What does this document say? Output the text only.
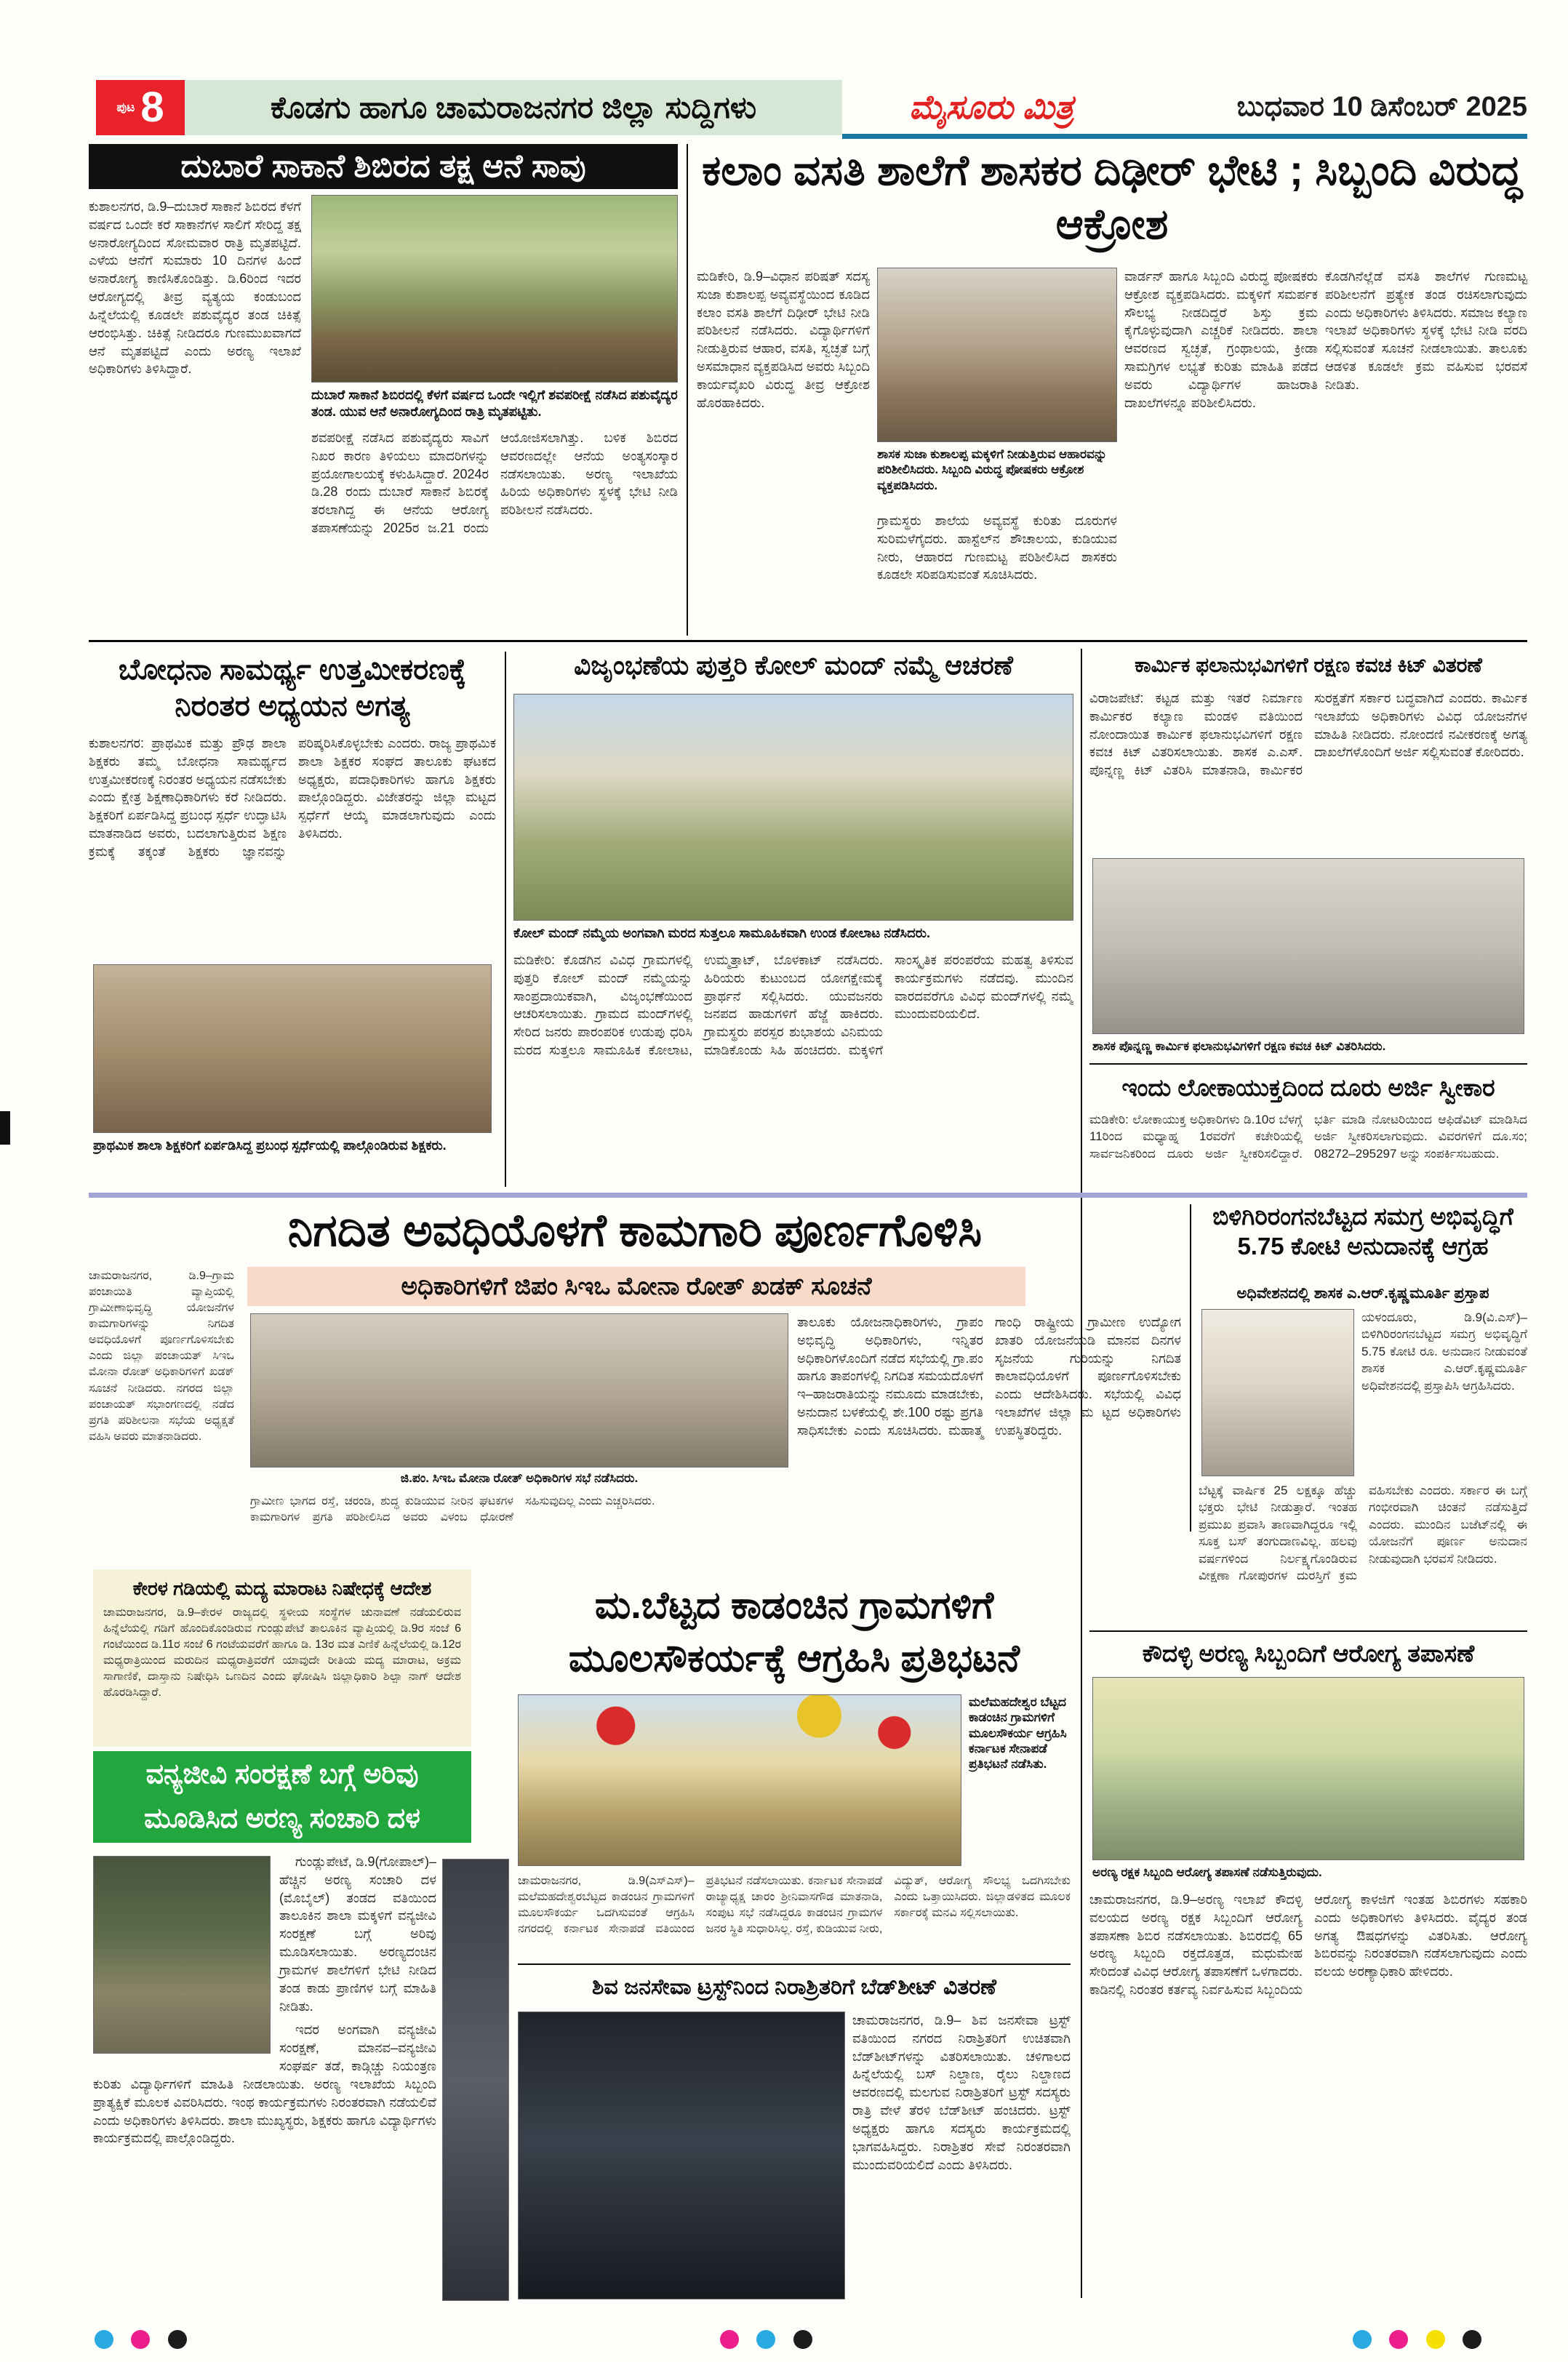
ಪುಟ 8	ಕೊಡಗು ಹಾಗೂ ಚಾಮರಾಜನಗರ ಜಿಲ್ಲಾ ಸುದ್ದಿಗಳು	ಮೈಸೂರು ಮಿತ್ರ	ಬುಧವಾರ 10 ಡಿಸೆಂಬರ್ 2025
ದುಬಾರೆ ಸಾಕಾನೆ ಶಿಬಿರದ ತಕ್ಷ ಆನೆ ಸಾವು
ಕುಶಾಲನಗರ, ಡಿ.9–ದುಬಾರೆ ಸಾಕಾನೆ ಶಿಬಿರದ ಕೆಳಗೆ ವರ್ಷದ ಒಂದೇ ಕರೆ ಸಾಕಾನೆಗಳ ಸಾಲಿಗೆ ಸೇರಿದ್ದ ತಕ್ಷ ಅನಾರೋಗ್ಯದಿಂದ ಸೋಮವಾರ ರಾತ್ರಿ ಮೃತಪಟ್ಟಿದೆ. ಎಳೆಯ ಆನೆಗೆ ಸುಮಾರು 10 ದಿನಗಳ ಹಿಂದೆ ಅನಾರೋಗ್ಯ ಕಾಣಿಸಿಕೊಂಡಿತ್ತು. ಡಿ.6ರಿಂದ ಇದರ ಆರೋಗ್ಯದಲ್ಲಿ ತೀವ್ರ ವ್ಯತ್ಯಯ ಕಂಡುಬಂದ ಹಿನ್ನೆಲೆಯಲ್ಲಿ ಕೂಡಲೇ ಪಶುವೈದ್ಯರ ತಂಡ ಚಿಕಿತ್ಸೆ ಆರಂಭಿಸಿತ್ತು. ಚಿಕಿತ್ಸೆ ನೀಡಿದರೂ ಗುಣಮುಖವಾಗದೆ ಆನೆ ಮೃತಪಟ್ಟಿದೆ ಎಂದು ಅರಣ್ಯ ಇಲಾಖೆ ಅಧಿಕಾರಿಗಳು ತಿಳಿಸಿದ್ದಾರೆ.
ದುಬಾರೆ ಸಾಕಾನೆ ಶಿಬಿರದಲ್ಲಿ ಕೆಳಗೆ ವರ್ಷದ ಒಂದೇ ಇಲ್ಲಿಗೆ ಶವಪರೀಕ್ಷೆ ನಡೆಸಿದ ಪಶುವೈದ್ಯರ ತಂಡ. ಯುವ ಆನೆ ಅನಾರೋಗ್ಯದಿಂದ ರಾತ್ರಿ ಮೃತಪಟ್ಟಿತು.
ಶವಪರೀಕ್ಷೆ ನಡೆಸಿದ ಪಶುವೈದ್ಯರು ಸಾವಿಗೆ ನಿಖರ ಕಾರಣ ತಿಳಿಯಲು ಮಾದರಿಗಳನ್ನು ಪ್ರಯೋಗಾಲಯಕ್ಕೆ ಕಳುಹಿಸಿದ್ದಾರೆ. 2024ರ ಡಿ.28 ರಂದು ದುಬಾರೆ ಸಾಕಾನೆ ಶಿಬಿರಕ್ಕೆ ತರಲಾಗಿದ್ದ ಈ ಆನೆಯ ಆರೋಗ್ಯ ತಪಾಸಣೆಯನ್ನು 2025ರ ಜ.21 ರಂದು ಆಯೋಜಿಸಲಾಗಿತ್ತು. ಬಳಿಕ ಶಿಬಿರದ ಆವರಣದಲ್ಲೇ ಆನೆಯ ಅಂತ್ಯಸಂಸ್ಕಾರ ನಡೆಸಲಾಯಿತು. ಅರಣ್ಯ ಇಲಾಖೆಯ ಹಿರಿಯ ಅಧಿಕಾರಿಗಳು ಸ್ಥಳಕ್ಕೆ ಭೇಟಿ ನೀಡಿ ಪರಿಶೀಲನೆ ನಡೆಸಿದರು.
ಕಲಾಂ ವಸತಿ ಶಾಲೆಗೆ ಶಾಸಕರ ದಿಢೀರ್ ಭೇಟಿ ; ಸಿಬ್ಬಂದಿ ವಿರುದ್ಧ ಆಕ್ರೋಶ
ಮಡಿಕೇರಿ, ಡಿ.9–ವಿಧಾನ ಪರಿಷತ್ ಸದಸ್ಯ ಸುಜಾ ಕುಶಾಲಪ್ಪ ಅವ್ಯವಸ್ಥೆಯಿಂದ ಕೂಡಿದ ಕಲಾಂ ವಸತಿ ಶಾಲೆಗೆ ದಿಢೀರ್ ಭೇಟಿ ನೀಡಿ ಪರಿಶೀಲನೆ ನಡೆಸಿದರು. ವಿದ್ಯಾರ್ಥಿಗಳಿಗೆ ನೀಡುತ್ತಿರುವ ಆಹಾರ, ವಸತಿ, ಸ್ವಚ್ಛತೆ ಬಗ್ಗೆ ಅಸಮಾಧಾನ ವ್ಯಕ್ತಪಡಿಸಿದ ಅವರು ಸಿಬ್ಬಂದಿ ಕಾರ್ಯವೈಖರಿ ವಿರುದ್ಧ ತೀವ್ರ ಆಕ್ರೋಶ ಹೊರಹಾಕಿದರು.
ಶಾಸಕ ಸುಜಾ ಕುಶಾಲಪ್ಪ ಮಕ್ಕಳಿಗೆ ನೀಡುತ್ತಿರುವ ಆಹಾರವನ್ನು ಪರಿಶೀಲಿಸಿದರು. ಸಿಬ್ಬಂದಿ ವಿರುದ್ಧ ಪೋಷಕರು ಆಕ್ರೋಶ ವ್ಯಕ್ತಪಡಿಸಿದರು.
ಗ್ರಾಮಸ್ಥರು ಶಾಲೆಯ ಅವ್ಯವಸ್ಥೆ ಕುರಿತು ದೂರುಗಳ ಸುರಿಮಳೆಗೈದರು. ಹಾಸ್ಟೆಲ್‌ನ ಶೌಚಾಲಯ, ಕುಡಿಯುವ ನೀರು, ಆಹಾರದ ಗುಣಮಟ್ಟ ಪರಿಶೀಲಿಸಿದ ಶಾಸಕರು ಕೂಡಲೇ ಸರಿಪಡಿಸುವಂತೆ ಸೂಚಿಸಿದರು.
ವಾರ್ಡನ್ ಹಾಗೂ ಸಿಬ್ಬಂದಿ ವಿರುದ್ಧ ಪೋಷಕರು ಆಕ್ರೋಶ ವ್ಯಕ್ತಪಡಿಸಿದರು. ಮಕ್ಕಳಿಗೆ ಸಮರ್ಪಕ ಸೌಲಭ್ಯ ನೀಡದಿದ್ದರೆ ಶಿಸ್ತು ಕ್ರಮ ಕೈಗೊಳ್ಳುವುದಾಗಿ ಎಚ್ಚರಿಕೆ ನೀಡಿದರು. ಶಾಲಾ ಆವರಣದ ಸ್ವಚ್ಛತೆ, ಗ್ರಂಥಾಲಯ, ಕ್ರೀಡಾ ಸಾಮಗ್ರಿಗಳ ಲಭ್ಯತೆ ಕುರಿತು ಮಾಹಿತಿ ಪಡೆದ ಅವರು ವಿದ್ಯಾರ್ಥಿಗಳ ಹಾಜರಾತಿ ದಾಖಲೆಗಳನ್ನೂ ಪರಿಶೀಲಿಸಿದರು.
ಕೊಡಗಿನೆಲ್ಲೆಡೆ ವಸತಿ ಶಾಲೆಗಳ ಗುಣಮಟ್ಟ ಪರಿಶೀಲನೆಗೆ ಪ್ರತ್ಯೇಕ ತಂಡ ರಚಿಸಲಾಗುವುದು ಎಂದು ಅಧಿಕಾರಿಗಳು ತಿಳಿಸಿದರು. ಸಮಾಜ ಕಲ್ಯಾಣ ಇಲಾಖೆ ಅಧಿಕಾರಿಗಳು ಸ್ಥಳಕ್ಕೆ ಭೇಟಿ ನೀಡಿ ವರದಿ ಸಲ್ಲಿಸುವಂತೆ ಸೂಚನೆ ನೀಡಲಾಯಿತು. ತಾಲೂಕು ಆಡಳಿತ ಕೂಡಲೇ ಕ್ರಮ ವಹಿಸುವ ಭರವಸೆ ನೀಡಿತು.
ಬೋಧನಾ ಸಾಮರ್ಥ್ಯ ಉತ್ತಮೀಕರಣಕ್ಕೆ ನಿರಂತರ ಅಧ್ಯಯನ ಅಗತ್ಯ
ಕುಶಾಲನಗರ: ಪ್ರಾಥಮಿಕ ಮತ್ತು ಪ್ರೌಢ ಶಾಲಾ ಶಿಕ್ಷಕರು ತಮ್ಮ ಬೋಧನಾ ಸಾಮರ್ಥ್ಯದ ಉತ್ತಮೀಕರಣಕ್ಕೆ ನಿರಂತರ ಅಧ್ಯಯನ ನಡೆಸಬೇಕು ಎಂದು ಕ್ಷೇತ್ರ ಶಿಕ್ಷಣಾಧಿಕಾರಿಗಳು ಕರೆ ನೀಡಿದರು. ಶಿಕ್ಷಕರಿಗೆ ಏರ್ಪಡಿಸಿದ್ದ ಪ್ರಬಂಧ ಸ್ಪರ್ಧೆ ಉದ್ಘಾಟಿಸಿ ಮಾತನಾಡಿದ ಅವರು, ಬದಲಾಗುತ್ತಿರುವ ಶಿಕ್ಷಣ ಕ್ರಮಕ್ಕೆ ತಕ್ಕಂತೆ ಶಿಕ್ಷಕರು ಜ್ಞಾನವನ್ನು ಪರಿಷ್ಕರಿಸಿಕೊಳ್ಳಬೇಕು ಎಂದರು. ರಾಜ್ಯ ಪ್ರಾಥಮಿಕ ಶಾಲಾ ಶಿಕ್ಷಕರ ಸಂಘದ ತಾಲೂಕು ಘಟಕದ ಅಧ್ಯಕ್ಷರು, ಪದಾಧಿಕಾರಿಗಳು ಹಾಗೂ ಶಿಕ್ಷಕರು ಪಾಲ್ಗೊಂಡಿದ್ದರು. ವಿಜೇತರನ್ನು ಜಿಲ್ಲಾ ಮಟ್ಟದ ಸ್ಪರ್ಧೆಗೆ ಆಯ್ಕೆ ಮಾಡಲಾಗುವುದು ಎಂದು ತಿಳಿಸಿದರು.
ಪ್ರಾಥಮಿಕ ಶಾಲಾ ಶಿಕ್ಷಕರಿಗೆ ಏರ್ಪಡಿಸಿದ್ದ ಪ್ರಬಂಧ ಸ್ಪರ್ಧೆಯಲ್ಲಿ ಪಾಲ್ಗೊಂಡಿರುವ ಶಿಕ್ಷಕರು.
ವಿಜೃಂಭಣೆಯ ಪುತ್ತರಿ ಕೋಲ್ ಮಂದ್ ನಮ್ಮೆ ಆಚರಣೆ
ಕೋಲ್ ಮಂದ್ ನಮ್ಮೆಯ ಅಂಗವಾಗಿ ಮರದ ಸುತ್ತಲೂ ಸಾಮೂಹಿಕವಾಗಿ ಉಂಡ ಕೋಲಾಟ ನಡೆಸಿದರು.
ಮಡಿಕೇರಿ: ಕೊಡಗಿನ ವಿವಿಧ ಗ್ರಾಮಗಳಲ್ಲಿ ಪುತ್ತರಿ ಕೋಲ್ ಮಂದ್ ನಮ್ಮೆಯನ್ನು ಸಾಂಪ್ರದಾಯಿಕವಾಗಿ, ವಿಜೃಂಭಣೆಯಿಂದ ಆಚರಿಸಲಾಯಿತು. ಗ್ರಾಮದ ಮಂದ್‌ಗಳಲ್ಲಿ ಸೇರಿದ ಜನರು ಪಾರಂಪರಿಕ ಉಡುಪು ಧರಿಸಿ ಮರದ ಸುತ್ತಲೂ ಸಾಮೂಹಿಕ ಕೋಲಾಟ, ಉಮ್ಮತ್ತಾಟ್, ಬೊಳಕಾಟ್ ನಡೆಸಿದರು. ಹಿರಿಯರು ಕುಟುಂಬದ ಯೋಗಕ್ಷೇಮಕ್ಕೆ ಪ್ರಾರ್ಥನೆ ಸಲ್ಲಿಸಿದರು. ಯುವಜನರು ಜನಪದ ಹಾಡುಗಳಿಗೆ ಹೆಜ್ಜೆ ಹಾಕಿದರು. ಗ್ರಾಮಸ್ಥರು ಪರಸ್ಪರ ಶುಭಾಶಯ ವಿನಿಮಯ ಮಾಡಿಕೊಂಡು ಸಿಹಿ ಹಂಚಿದರು. ಮಕ್ಕಳಿಗೆ ಸಾಂಸ್ಕೃತಿಕ ಪರಂಪರೆಯ ಮಹತ್ವ ತಿಳಿಸುವ ಕಾರ್ಯಕ್ರಮಗಳು ನಡೆದವು. ಮುಂದಿನ ವಾರದವರೆಗೂ ವಿವಿಧ ಮಂದ್‌ಗಳಲ್ಲಿ ನಮ್ಮೆ ಮುಂದುವರಿಯಲಿದೆ.
ಕಾರ್ಮಿಕ ಫಲಾನುಭವಿಗಳಿಗೆ ರಕ್ಷಣ ಕವಚ ಕಿಟ್ ವಿತರಣೆ
ವಿರಾಜಪೇಟೆ: ಕಟ್ಟಡ ಮತ್ತು ಇತರೆ ನಿರ್ಮಾಣ ಕಾರ್ಮಿಕರ ಕಲ್ಯಾಣ ಮಂಡಳಿ ವತಿಯಿಂದ ನೋಂದಾಯಿತ ಕಾರ್ಮಿಕ ಫಲಾನುಭವಿಗಳಿಗೆ ರಕ್ಷಣ ಕವಚ ಕಿಟ್ ವಿತರಿಸಲಾಯಿತು. ಶಾಸಕ ಎ.ಎಸ್. ಪೊನ್ನಣ್ಣ ಕಿಟ್ ವಿತರಿಸಿ ಮಾತನಾಡಿ, ಕಾರ್ಮಿಕರ ಸುರಕ್ಷತೆಗೆ ಸರ್ಕಾರ ಬದ್ಧವಾಗಿದೆ ಎಂದರು. ಕಾರ್ಮಿಕ ಇಲಾಖೆಯ ಅಧಿಕಾರಿಗಳು ವಿವಿಧ ಯೋಜನೆಗಳ ಮಾಹಿತಿ ನೀಡಿದರು. ನೋಂದಣಿ ನವೀಕರಣಕ್ಕೆ ಅಗತ್ಯ ದಾಖಲೆಗಳೊಂದಿಗೆ ಅರ್ಜಿ ಸಲ್ಲಿಸುವಂತೆ ಕೋರಿದರು.
ಶಾಸಕ ಪೊನ್ನಣ್ಣ ಕಾರ್ಮಿಕ ಫಲಾನುಭವಿಗಳಿಗೆ ರಕ್ಷಣ ಕವಚ ಕಿಟ್ ವಿತರಿಸಿದರು.
ಇಂದು ಲೋಕಾಯುಕ್ತದಿಂದ ದೂರು ಅರ್ಜಿ ಸ್ವೀಕಾರ
ಮಡಿಕೇರಿ: ಲೋಕಾಯುಕ್ತ ಅಧಿಕಾರಿಗಳು ಡಿ.10ರ ಬೆಳಗ್ಗೆ 11ರಿಂದ ಮಧ್ಯಾಹ್ನ 1ರವರೆಗೆ ಕಚೇರಿಯಲ್ಲಿ ಸಾರ್ವಜನಿಕರಿಂದ ದೂರು ಅರ್ಜಿ ಸ್ವೀಕರಿಸಲಿದ್ದಾರೆ. ಭರ್ತಿ ಮಾಡಿ ನೋಟರಿಯಿಂದ ಆಫಿಡೆವಿಟ್ ಮಾಡಿಸಿದ ಅರ್ಜಿ ಸ್ವೀಕರಿಸಲಾಗುವುದು. ವಿವರಗಳಿಗೆ ದೂ.ಸಂ; 08272–295297 ಅನ್ನು ಸಂಪರ್ಕಿಸಬಹುದು.
ನಿಗದಿತ ಅವಧಿಯೊಳಗೆ ಕಾಮಗಾರಿ ಪೂರ್ಣಗೊಳಿಸಿ
ಅಧಿಕಾರಿಗಳಿಗೆ ಜಿಪಂ ಸಿಇಒ ಮೋನಾ ರೋತ್ ಖಡಕ್ ಸೂಚನೆ
ಚಾಮರಾಜನಗರ, ಡಿ.9–ಗ್ರಾಮ ಪಂಚಾಯಿತಿ ವ್ಯಾಪ್ತಿಯಲ್ಲಿ ಗ್ರಾಮೀಣಾಭಿವೃದ್ಧಿ ಯೋಜನೆಗಳ ಕಾಮಗಾರಿಗಳನ್ನು ನಿಗದಿತ ಅವಧಿಯೊಳಗೆ ಪೂರ್ಣಗೊಳಿಸಬೇಕು ಎಂದು ಜಿಲ್ಲಾ ಪಂಚಾಯತ್ ಸಿಇಒ ಮೋನಾ ರೋತ್ ಅಧಿಕಾರಿಗಳಿಗೆ ಖಡಕ್ ಸೂಚನೆ ನೀಡಿದರು. ನಗರದ ಜಿಲ್ಲಾ ಪಂಚಾಯತ್ ಸಭಾಂಗಣದಲ್ಲಿ ನಡೆದ ಪ್ರಗತಿ ಪರಿಶೀಲನಾ ಸಭೆಯ ಅಧ್ಯಕ್ಷತೆ ವಹಿಸಿ ಅವರು ಮಾತನಾಡಿದರು.
ಜಿ.ಪಂ. ಸಿಇಒ ಮೋನಾ ರೋತ್ ಅಧಿಕಾರಿಗಳ ಸಭೆ ನಡೆಸಿದರು.
ತಾಲೂಕು ಯೋಜನಾಧಿಕಾರಿಗಳು, ಗ್ರಾಪಂ ಅಭಿವೃದ್ಧಿ ಅಧಿಕಾರಿಗಳು, ಇನ್ನಿತರ ಅಧಿಕಾರಿಗಳೊಂದಿಗೆ ನಡೆದ ಸಭೆಯಲ್ಲಿ ಗ್ರಾ.ಪಂ ಹಾಗೂ ತಾಪಂಗಳಲ್ಲಿ ನಿಗದಿತ ಸಮಯದೊಳಗೆ ಇ–ಹಾಜರಾತಿಯನ್ನು ನಮೂದು ಮಾಡಬೇಕು, ಅನುದಾನ ಬಳಕೆಯಲ್ಲಿ ಶೇ.100 ರಷ್ಟು ಪ್ರಗತಿ ಸಾಧಿಸಬೇಕು ಎಂದು ಸೂಚಿಸಿದರು. ಮಹಾತ್ಮ ಗಾಂಧಿ ರಾಷ್ಟ್ರೀಯ ಗ್ರಾಮೀಣ ಉದ್ಯೋಗ ಖಾತರಿ ಯೋಜನೆಯಡಿ ಮಾನವ ದಿನಗಳ ಸೃಜನೆಯ ಗುರಿಯನ್ನು ನಿಗದಿತ ಕಾಲಾವಧಿಯೊಳಗೆ ಪೂರ್ಣಗೊಳಿಸಬೇಕು ಎಂದು ಆದೇಶಿಸಿದರು. ಸಭೆಯಲ್ಲಿ ವಿವಿಧ ಇಲಾಖೆಗಳ ಜಿಲ್ಲಾ ಮ ಟ್ಟದ ಅಧಿಕಾರಿಗಳು ಉಪಸ್ಥಿತರಿದ್ದರು.
ಗ್ರಾಮೀಣ ಭಾಗದ ರಸ್ತೆ, ಚರಂಡಿ, ಶುದ್ಧ ಕುಡಿಯುವ ನೀರಿನ ಘಟಕಗಳ ಕಾಮಗಾರಿಗಳ ಪ್ರಗತಿ ಪರಿಶೀಲಿಸಿದ ಅವರು ವಿಳಂಬ ಧೋರಣೆ ಸಹಿಸುವುದಿಲ್ಲ ಎಂದು ಎಚ್ಚರಿಸಿದರು.
ಬಿಳಿಗಿರಿರಂಗನಬೆಟ್ಟದ ಸಮಗ್ರ ಅಭಿವೃದ್ಧಿಗೆ 5.75 ಕೋಟಿ ಅನುದಾನಕ್ಕೆ ಆಗ್ರಹ
ಅಧಿವೇಶನದಲ್ಲಿ ಶಾಸಕ ಎ.ಆರ್.ಕೃಷ್ಣಮೂರ್ತಿ ಪ್ರಸ್ತಾಪ
ಯಳಂದೂರು, ಡಿ.9(ವಿ.ಎಸ್)– ಬಿಳಿಗಿರಿರಂಗನಬೆಟ್ಟದ ಸಮಗ್ರ ಅಭಿವೃದ್ಧಿಗೆ 5.75 ಕೋಟಿ ರೂ. ಅನುದಾನ ನೀಡುವಂತೆ ಶಾಸಕ ಎ.ಆರ್.ಕೃಷ್ಣಮೂರ್ತಿ ಅಧಿವೇಶನದಲ್ಲಿ ಪ್ರಸ್ತಾಪಿಸಿ ಆಗ್ರಹಿಸಿದರು.
ಬೆಟ್ಟಕ್ಕೆ ವಾರ್ಷಿಕ 25 ಲಕ್ಷಕ್ಕೂ ಹೆಚ್ಚು ಭಕ್ತರು ಭೇಟಿ ನೀಡುತ್ತಾರೆ. ಇಂತಹ ಪ್ರಮುಖ ಪ್ರವಾಸಿ ತಾಣವಾಗಿದ್ದರೂ ಇಲ್ಲಿ ಸೂಕ್ತ ಬಸ್ ತಂಗುದಾಣವಿಲ್ಲ. ಹಲವು ವರ್ಷಗಳಿಂದ ನಿರ್ಲಕ್ಷ್ಯಗೊಂಡಿರುವ ವೀಕ್ಷಣಾ ಗೋಪುರಗಳ ದುರಸ್ತಿಗೆ ಕ್ರಮ ವಹಿಸಬೇಕು ಎಂದರು. ಸರ್ಕಾರ ಈ ಬಗ್ಗೆ ಗಂಭೀರವಾಗಿ ಚಿಂತನೆ ನಡೆಸುತ್ತಿದೆ ಎಂದರು. ಮುಂದಿನ ಬಜೆಟ್‌ನಲ್ಲಿ ಈ ಯೋಜನೆಗೆ ಪೂರ್ಣ ಅನುದಾನ ನೀಡುವುದಾಗಿ ಭರವಸೆ ನೀಡಿದರು.
ಕೇರಳ ಗಡಿಯಲ್ಲಿ ಮದ್ಯ ಮಾರಾಟ ನಿಷೇಧಕ್ಕೆ ಆದೇಶ
ಚಾಮರಾಜನಗರ, ಡಿ.9–ಕೇರಳ ರಾಜ್ಯದಲ್ಲಿ ಸ್ಥಳೀಯ ಸಂಸ್ಥೆಗಳ ಚುನಾವಣೆ ನಡೆಯಲಿರುವ ಹಿನ್ನೆಲೆಯಲ್ಲಿ ಗಡಿಗೆ ಹೊಂದಿಕೊಂಡಿರುವ ಗುಂಡ್ಲುಪೇಟೆ ತಾಲೂಕಿನ ವ್ಯಾಪ್ತಿಯಲ್ಲಿ ಡಿ.9ರ ಸಂಜೆ 6 ಗಂಟೆಯಿಂದ ಡಿ.11ರ ಸಂಜೆ 6 ಗಂಟೆಯವರೆಗೆ ಹಾಗೂ ಡಿ. 13ರ ಮತ ಎಣಿಕೆ ಹಿನ್ನೆಲೆಯಲ್ಲಿ ಡಿ.12ರ ಮಧ್ಯರಾತ್ರಿಯಿಂದ ಮರುದಿನ ಮಧ್ಯರಾತ್ರಿವರೆಗೆ ಯಾವುದೇ ರೀತಿಯ ಮದ್ಯ ಮಾರಾಟ, ಅಕ್ರಮ ಸಾಗಾಣಿಕೆ, ದಾಸ್ತಾನು ನಿಷೇಧಿಸಿ ಒಣದಿನ ಎಂದು ಘೋಷಿಸಿ ಜಿಲ್ಲಾಧಿಕಾರಿ ಶಿಲ್ಪಾ ನಾಗ್ ಆದೇಶ ಹೊರಡಿಸಿದ್ದಾರೆ.
ವನ್ಯಜೀವಿ ಸಂರಕ್ಷಣೆ ಬಗ್ಗೆ ಅರಿವು ಮೂಡಿಸಿದ ಅರಣ್ಯ ಸಂಚಾರಿ ದಳ

ಗುಂಡ್ಲುಪೇಟೆ, ಡಿ.9(ಗೋಪಾಲ್)– ಹೆಚ್ಚಿನ ಅರಣ್ಯ ಸಂಚಾರಿ ದಳ (ಮೊಬೈಲ್) ತಂಡದ ವತಿಯಿಂದ ತಾಲೂಕಿನ ಶಾಲಾ ಮಕ್ಕಳಿಗೆ ವನ್ಯಜೀವಿ ಸಂರಕ್ಷಣೆ ಬಗ್ಗೆ ಅರಿವು ಮೂಡಿಸಲಾಯಿತು. ಅರಣ್ಯದಂಚಿನ ಗ್ರಾಮಗಳ ಶಾಲೆಗಳಿಗೆ ಭೇಟಿ ನೀಡಿದ ತಂಡ ಕಾಡು ಪ್ರಾಣಿಗಳ ಬಗ್ಗೆ ಮಾಹಿತಿ ನೀಡಿತು.

ಇದರ ಅಂಗವಾಗಿ ವನ್ಯಜೀವಿ ಸಂರಕ್ಷಣೆ, ಮಾನವ–ವನ್ಯಜೀವಿ ಸಂಘರ್ಷ ತಡೆ, ಕಾಡ್ಗಿಚ್ಚು ನಿಯಂತ್ರಣ ಕುರಿತು ವಿದ್ಯಾರ್ಥಿಗಳಿಗೆ ಮಾಹಿತಿ ನೀಡಲಾಯಿತು. ಅರಣ್ಯ ಇಲಾಖೆಯ ಸಿಬ್ಬಂದಿ ಪ್ರಾತ್ಯಕ್ಷಿಕೆ ಮೂಲಕ ವಿವರಿಸಿದರು. ಇಂಥ ಕಾರ್ಯಕ್ರಮಗಳು ನಿರಂತರವಾಗಿ ನಡೆಯಲಿವೆ ಎಂದು ಅಧಿಕಾರಿಗಳು ತಿಳಿಸಿದರು. ಶಾಲಾ ಮುಖ್ಯಸ್ಥರು, ಶಿಕ್ಷಕರು ಹಾಗೂ ವಿದ್ಯಾರ್ಥಿಗಳು ಕಾರ್ಯಕ್ರಮದಲ್ಲಿ ಪಾಲ್ಗೊಂಡಿದ್ದರು.

ಮ.ಬೆಟ್ಟದ ಕಾಡಂಚಿನ ಗ್ರಾಮಗಳಿಗೆ ಮೂಲಸೌಕರ್ಯಕ್ಕೆ ಆಗ್ರಹಿಸಿ ಪ್ರತಿಭಟನೆ
ಮಲೆಮಹದೇಶ್ವರ ಬೆಟ್ಟದ ಕಾಡಂಚಿನ ಗ್ರಾಮಗಳಿಗೆ ಮೂಲಸೌಕರ್ಯ ಆಗ್ರಹಿಸಿ ಕರ್ನಾಟಕ ಸೇನಾಪಡೆ ಪ್ರತಿಭಟನೆ ನಡೆಸಿತು.
ಚಾಮರಾಜನಗರ, ಡಿ.9(ಎಸ್‌ಎಸ್)– ಮಲೆಮಹದೇಶ್ವರಬೆಟ್ಟದ ಕಾಡಂಚಿನ ಗ್ರಾಮಗಳಿಗೆ ಮೂಲಸೌಕರ್ಯ ಒದಗಿಸುವಂತೆ ಆಗ್ರಹಿಸಿ ನಗರದಲ್ಲಿ ಕರ್ನಾಟಕ ಸೇನಾಪಡೆ ವತಿಯಿಂದ ಪ್ರತಿಭಟನೆ ನಡೆಸಲಾಯಿತು. ಕರ್ನಾಟಕ ಸೇನಾಪಡೆ ರಾಜ್ಯಾಧ್ಯಕ್ಷ ಚಾರಂ ಶ್ರೀನಿವಾಸಗೌಡ ಮಾತನಾಡಿ, ಸಂಪುಟ ಸಭೆ ನಡೆಸಿದ್ದರೂ ಕಾಡಂಚಿನ ಗ್ರಾಮಗಳ ಜನರ ಸ್ಥಿತಿ ಸುಧಾರಿಸಿಲ್ಲ. ರಸ್ತೆ, ಕುಡಿಯುವ ನೀರು, ವಿದ್ಯುತ್, ಆರೋಗ್ಯ ಸೌಲಭ್ಯ ಒದಗಿಸಬೇಕು ಎಂದು ಒತ್ತಾಯಿಸಿದರು. ಜಿಲ್ಲಾಡಳಿತದ ಮೂಲಕ ಸರ್ಕಾರಕ್ಕೆ ಮನವಿ ಸಲ್ಲಿಸಲಾಯಿತು.
ಶಿವ ಜನಸೇವಾ ಟ್ರಸ್ಟ್‌ನಿಂದ ನಿರಾಶ್ರಿತರಿಗೆ ಬೆಡ್‌ಶೀಟ್ ವಿತರಣೆ
ಚಾಮರಾಜನಗರ, ಡಿ.9– ಶಿವ ಜನಸೇವಾ ಟ್ರಸ್ಟ್ ವತಿಯಿಂದ ನಗರದ ನಿರಾಶ್ರಿತರಿಗೆ ಉಚಿತವಾಗಿ ಬೆಡ್‌ಶೀಟ್‌ಗಳನ್ನು ವಿತರಿಸಲಾಯಿತು. ಚಳಿಗಾಲದ ಹಿನ್ನೆಲೆಯಲ್ಲಿ ಬಸ್ ನಿಲ್ದಾಣ, ರೈಲು ನಿಲ್ದಾಣದ ಆವರಣದಲ್ಲಿ ಮಲಗುವ ನಿರಾಶ್ರಿತರಿಗೆ ಟ್ರಸ್ಟ್ ಸದಸ್ಯರು ರಾತ್ರಿ ವೇಳೆ ತೆರಳಿ ಬೆಡ್‌ಶೀಟ್ ಹಂಚಿದರು. ಟ್ರಸ್ಟ್ ಅಧ್ಯಕ್ಷರು ಹಾಗೂ ಸದಸ್ಯರು ಕಾರ್ಯಕ್ರಮದಲ್ಲಿ ಭಾಗವಹಿಸಿದ್ದರು. ನಿರಾಶ್ರಿತರ ಸೇವೆ ನಿರಂತರವಾಗಿ ಮುಂದುವರಿಯಲಿದೆ ಎಂದು ತಿಳಿಸಿದರು.
ಕೌದಳ್ಳಿ ಅರಣ್ಯ ಸಿಬ್ಬಂದಿಗೆ ಆರೋಗ್ಯ ತಪಾಸಣೆ
ಅರಣ್ಯ ರಕ್ಷಕ ಸಿಬ್ಬಂದಿ ಆರೋಗ್ಯ ತಪಾಸಣೆ ನಡೆಸುತ್ತಿರುವುದು.
ಚಾಮರಾಜನಗರ, ಡಿ.9–ಅರಣ್ಯ ಇಲಾಖೆ ಕೌದಳ್ಳಿ ವಲಯದ ಅರಣ್ಯ ರಕ್ಷಕ ಸಿಬ್ಬಂದಿಗೆ ಆರೋಗ್ಯ ತಪಾಸಣಾ ಶಿಬಿರ ನಡೆಸಲಾಯಿತು. ಶಿಬಿರದಲ್ಲಿ 65 ಅರಣ್ಯ ಸಿಬ್ಬಂದಿ ರಕ್ತದೊತ್ತಡ, ಮಧುಮೇಹ ಸೇರಿದಂತೆ ವಿವಿಧ ಆರೋಗ್ಯ ತಪಾಸಣೆಗೆ ಒಳಗಾದರು. ಕಾಡಿನಲ್ಲಿ ನಿರಂತರ ಕರ್ತವ್ಯ ನಿರ್ವಹಿಸುವ ಸಿಬ್ಬಂದಿಯ ಆರೋಗ್ಯ ಕಾಳಜಿಗೆ ಇಂತಹ ಶಿಬಿರಗಳು ಸಹಕಾರಿ ಎಂದು ಅಧಿಕಾರಿಗಳು ತಿಳಿಸಿದರು. ವೈದ್ಯರ ತಂಡ ಅಗತ್ಯ ಔಷಧಗಳನ್ನು ವಿತರಿಸಿತು. ಆರೋಗ್ಯ ಶಿಬಿರವನ್ನು ನಿರಂತರವಾಗಿ ನಡೆಸಲಾಗುವುದು ಎಂದು ವಲಯ ಅರಣ್ಯಾಧಿಕಾರಿ ಹೇಳಿದರು.
